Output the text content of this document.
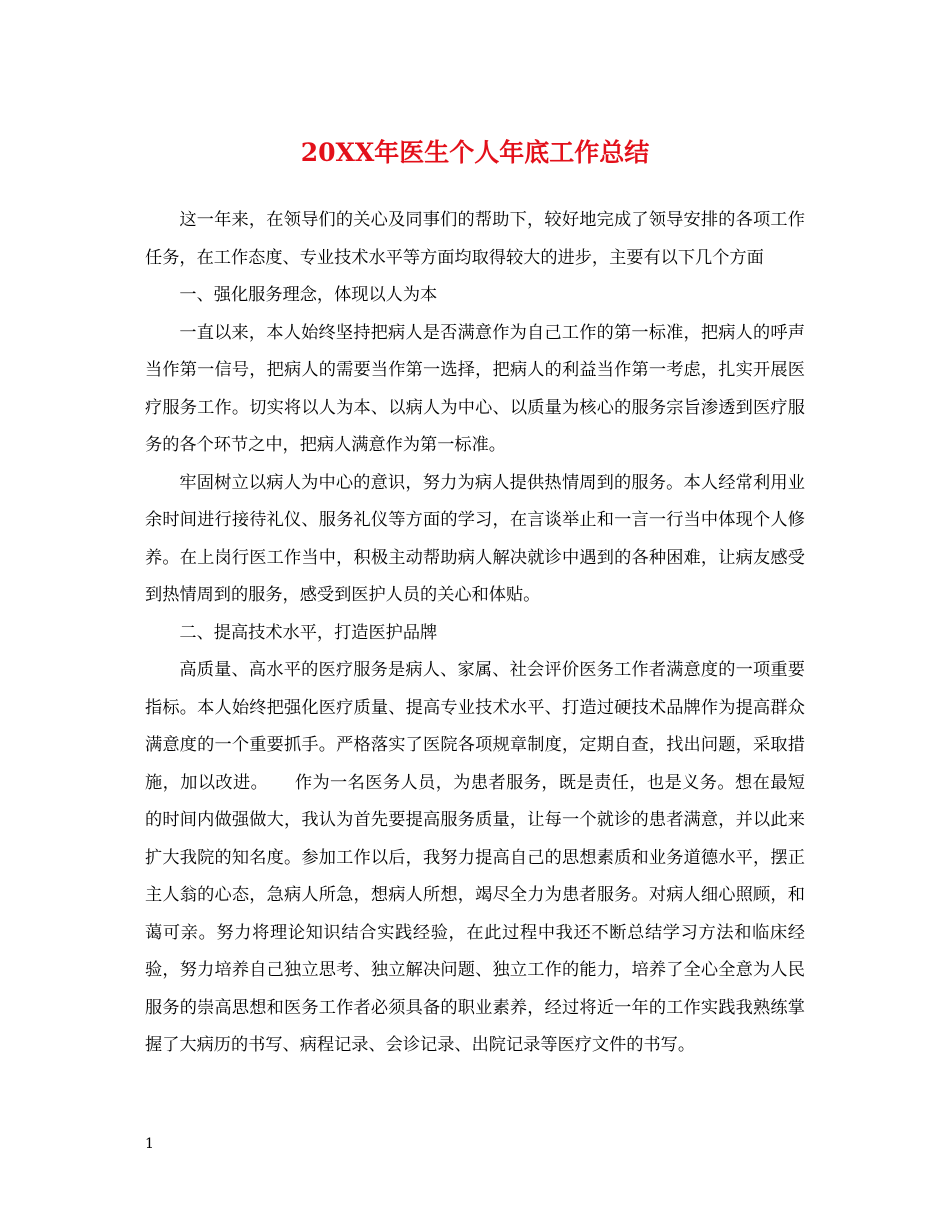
20XX年医生个人年底工作总结

这一年来，在领导们的关心及同事们的帮助下，较好地完成了领导安排的各项工作任务，在工作态度、专业技术水平等方面均取得较大的进步，主要有以下几个方面

一、强化服务理念，体现以人为本

一直以来，本人始终坚持把病人是否满意作为自己工作的第一标准，把病人的呼声当作第一信号，把病人的需要当作第一选择，把病人的利益当作第一考虑，扎实开展医疗服务工作。切实将以人为本、以病人为中心、以质量为核心的服务宗旨渗透到医疗服务的各个环节之中，把病人满意作为第一标准。

牢固树立以病人为中心的意识，努力为病人提供热情周到的服务。本人经常利用业余时间进行接待礼仪、服务礼仪等方面的学习，在言谈举止和一言一行当中体现个人修养。在上岗行医工作当中，积极主动帮助病人解决就诊中遇到的各种困难，让病友感受到热情周到的服务，感受到医护人员的关心和体贴。

二、提高技术水平，打造医护品牌

高质量、高水平的医疗服务是病人、家属、社会评价医务工作者满意度的一项重要指标。本人始终把强化医疗质量、提高专业技术水平、打造过硬技术品牌作为提高群众满意度的一个重要抓手。严格落实了医院各项规章制度，定期自查，找出问题，采取措施，加以改进。　　作为一名医务人员，为患者服务，既是责任，也是义务。想在最短的时间内做强做大，我认为首先要提高服务质量，让每一个就诊的患者满意，并以此来扩大我院的知名度。参加工作以后，我努力提高自己的思想素质和业务道德水平，摆正主人翁的心态，急病人所急，想病人所想，竭尽全力为患者服务。对病人细心照顾，和蔼可亲。努力将理论知识结合实践经验，在此过程中我还不断总结学习方法和临床经验，努力培养自己独立思考、独立解决问题、独立工作的能力，培养了全心全意为人民服务的崇高思想和医务工作者必须具备的职业素养，经过将近一年的工作实践我熟练掌握了大病历的书写、病程记录、会诊记录、出院记录等医疗文件的书写。

1
